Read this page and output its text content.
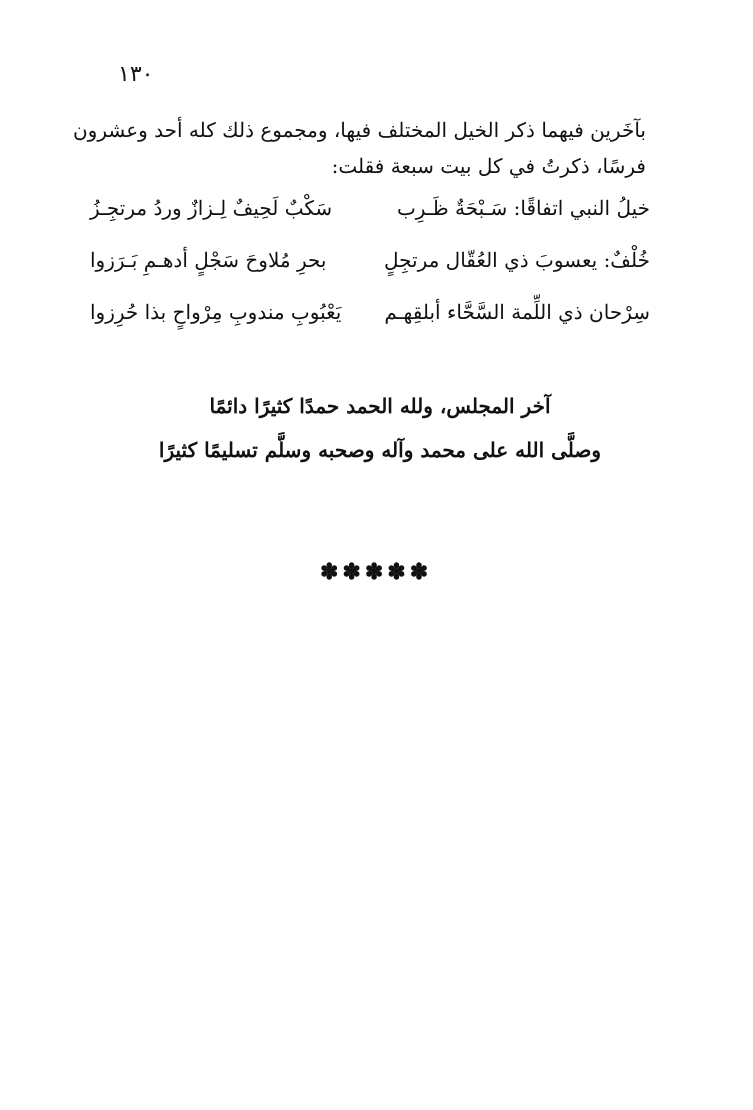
١٣٠
بآخَرين فيهما ذكر الخيل المختلف فيها، ومجموع ذلك كله أحد وعشرون
فرسًا، ذكرتُ في كل بيت سبعة فقلت:
خيلُ النبي اتفاقًا: سَـبْحَةٌ ظَـرِب
سَكْبٌ لَحِيفٌ لِـزازٌ وردُ مرتجِـزُ
خُلْفٌ: يعسوبَ ذي العُقّال مرتجِلٍ
بحرِ مُلاوحَ سَجْلٍ أدهـمِ بَـرَزوا
سِرْحان ذي اللِّمة السَّحَّاء أبلقِهـم
يَعْبُوبِ مندوبِ مِرْواحٍ بذا حُرِزوا
آخر المجلس، ولله الحمد حمدًا كثيرًا دائمًا
وصلَّى الله على محمد وآله وصحبه وسلَّم تسليمًا كثيرًا
✽✽✽✽✽
